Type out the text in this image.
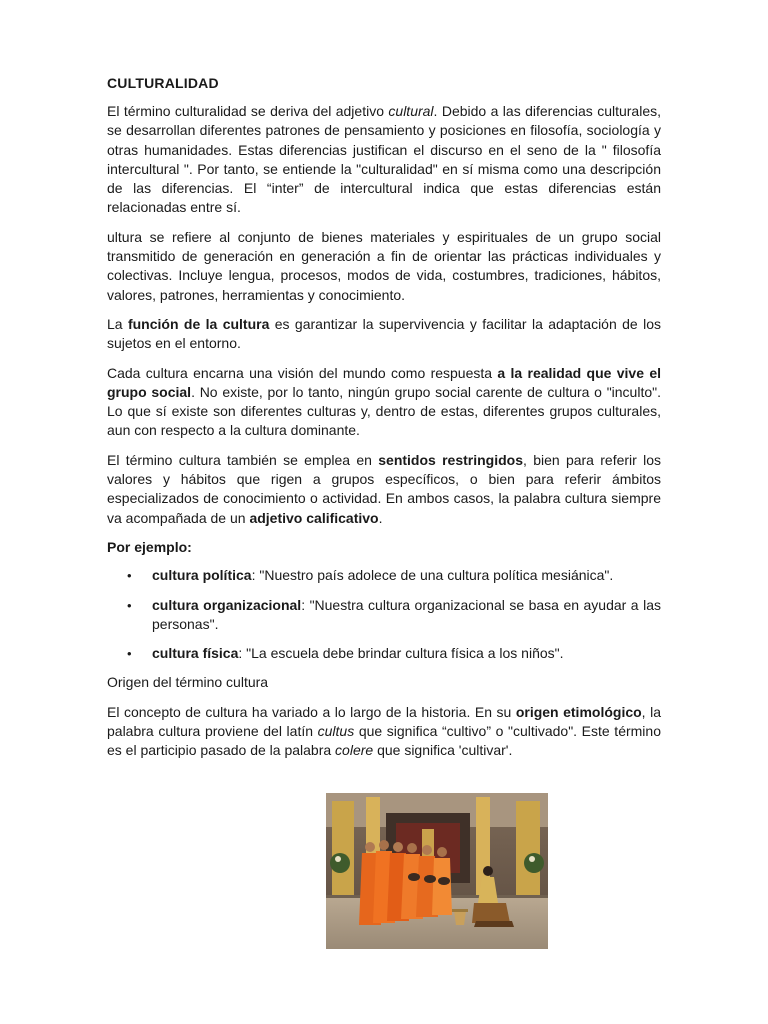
CULTURALIDAD

El término culturalidad se deriva del adjetivo cultural. Debido a las diferencias culturales, se desarrollan diferentes patrones de pensamiento y posiciones en filosofía, sociología y otras humanidades. Estas diferencias justifican el discurso en el seno de la " filosofía intercultural ". Por tanto, se entiende la "culturalidad" en sí misma como una descripción de las diferencias. El “inter” de intercultural indica que estas diferencias están relacionadas entre sí.

ultura se refiere al conjunto de bienes materiales y espirituales de un grupo social transmitido de generación en generación a fin de orientar las prácticas individuales y colectivas. Incluye lengua, procesos, modos de vida, costumbres, tradiciones, hábitos, valores, patrones, herramientas y conocimiento.

La función de la cultura es garantizar la supervivencia y facilitar la adaptación de los sujetos en el entorno.

Cada cultura encarna una visión del mundo como respuesta a la realidad que vive el grupo social. No existe, por lo tanto, ningún grupo social carente de cultura o "inculto". Lo que sí existe son diferentes culturas y, dentro de estas, diferentes grupos culturales, aun con respecto a la cultura dominante.

El término cultura también se emplea en sentidos restringidos, bien para referir los valores y hábitos que rigen a grupos específicos, o bien para referir ámbitos especializados de conocimiento o actividad. En ambos casos, la palabra cultura siempre va acompañada de un adjetivo calificativo.

Por ejemplo:

• cultura política: "Nuestro país adolece de una cultura política mesiánica".
• cultura organizacional: "Nuestra cultura organizacional se basa en ayudar a las personas".
• cultura física: "La escuela debe brindar cultura física a los niños".

Origen del término cultura

El concepto de cultura ha variado a lo largo de la historia. En su origen etimológico, la palabra cultura proviene del latín cultus que significa “cultivo” o "cultivado". Este término es el participio pasado de la palabra colere que significa 'cultivar'.
